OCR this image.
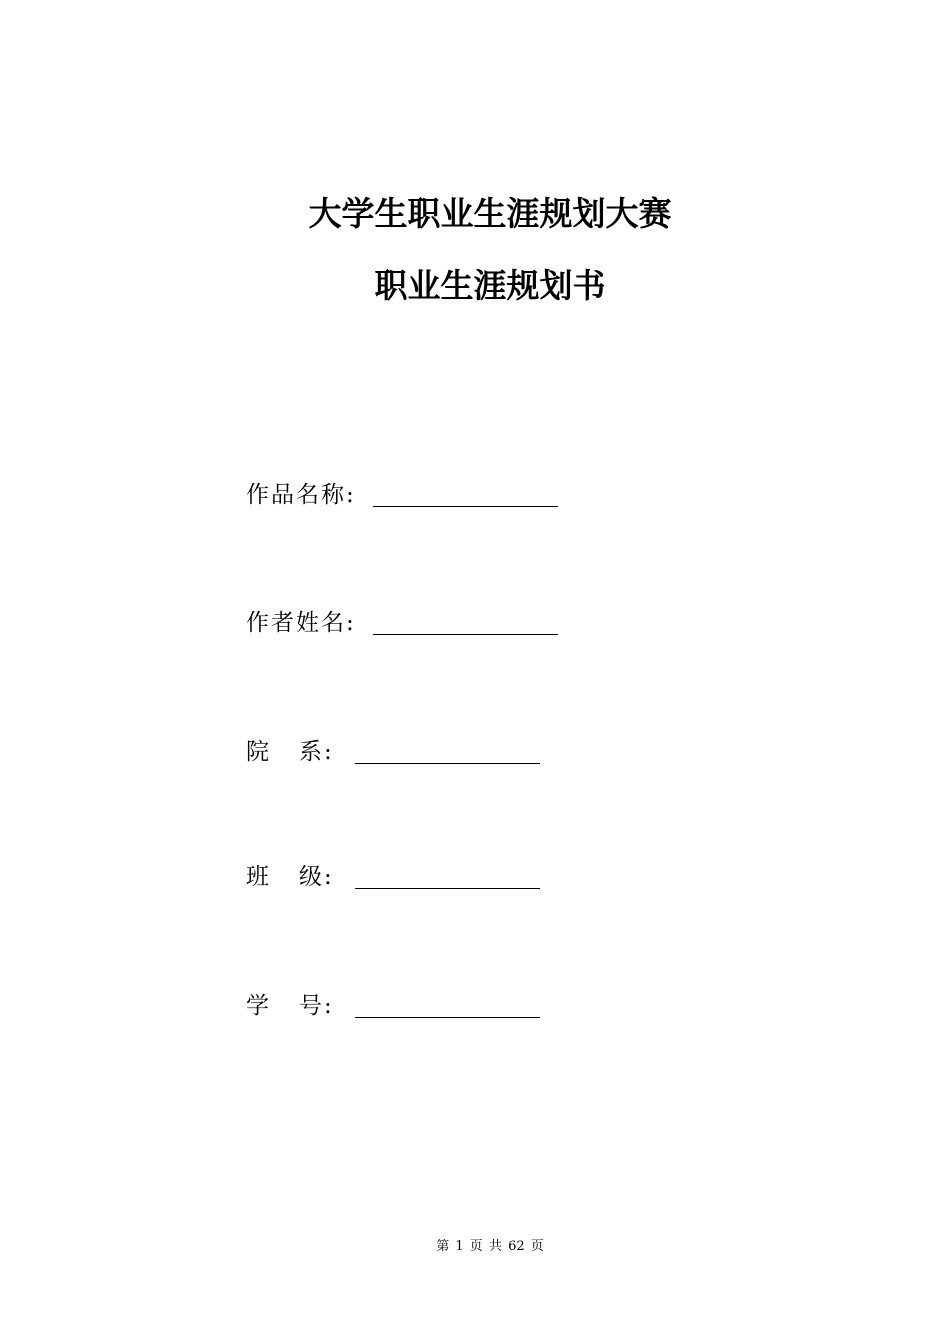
大学生职业生涯规划大赛
职业生涯规划书
作品名称:
作者姓名:
院 系:
班 级:
学 号:
第 1 页 共 62 页
